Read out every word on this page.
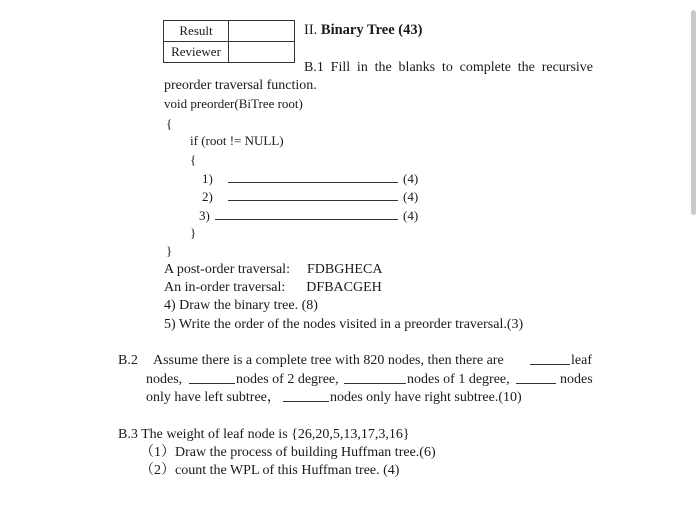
Result	
Reviewer	
II. Binary Tree (43)
B.1 Fill in the blanks to complete the recursive
preorder traversal function.
void preorder(BiTree root)
{
if (root != NULL)
{
1)	(4)
2)	(4)
3)	(4)
}
}
A post-order traversal: FDBGHECA
An in-order traversal: DFBACGEH
4) Draw the binary tree. (8)
5) Write the order of the nodes visited in a preorder traversal.(3)
B.2 Assume there is a complete tree with 820 nodes, then there are	leaf
nodes,	nodes of 2 degree,	nodes of 1 degree,	nodes
only have left subtree，	nodes only have right subtree.(10)
B.3 The weight of leaf node is {26,20,5,13,17,3,16}
（1）Draw the process of building Huffman tree.(6)
（2）count the WPL of this Huffman tree. (4)
